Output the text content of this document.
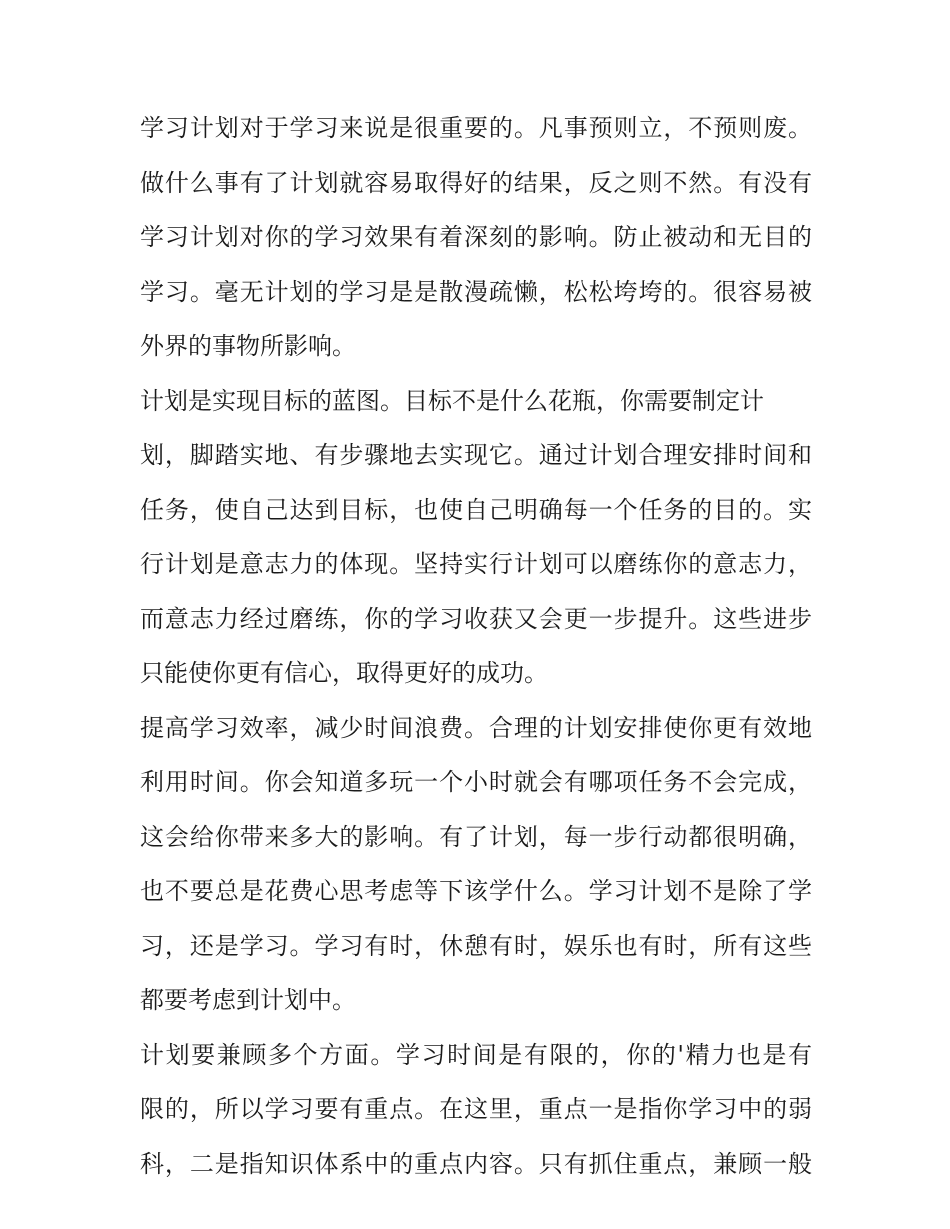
学习计划对于学习来说是很重要的。凡事预则立，不预则废。
做什么事有了计划就容易取得好的结果，反之则不然。有没有
学习计划对你的学习效果有着深刻的影响。防止被动和无目的
学习。毫无计划的学习是是散漫疏懒，松松垮垮的。很容易被
外界的事物所影响。
计划是实现目标的蓝图。目标不是什么花瓶，你需要制定计
划，脚踏实地、有步骤地去实现它。通过计划合理安排时间和
任务，使自己达到目标，也使自己明确每一个任务的目的。实
行计划是意志力的体现。坚持实行计划可以磨练你的意志力，
而意志力经过磨练，你的学习收获又会更一步提升。这些进步
只能使你更有信心，取得更好的成功。
提高学习效率，减少时间浪费。合理的计划安排使你更有效地
利用时间。你会知道多玩一个小时就会有哪项任务不会完成，
这会给你带来多大的影响。有了计划，每一步行动都很明确，
也不要总是花费心思考虑等下该学什么。学习计划不是除了学
习，还是学习。学习有时，休憩有时，娱乐也有时，所有这些
都要考虑到计划中。
计划要兼顾多个方面。学习时间是有限的，你的'精力也是有
限的，所以学习要有重点。在这里，重点一是指你学习中的弱
科，二是指知识体系中的重点内容。只有抓住重点，兼顾一般
